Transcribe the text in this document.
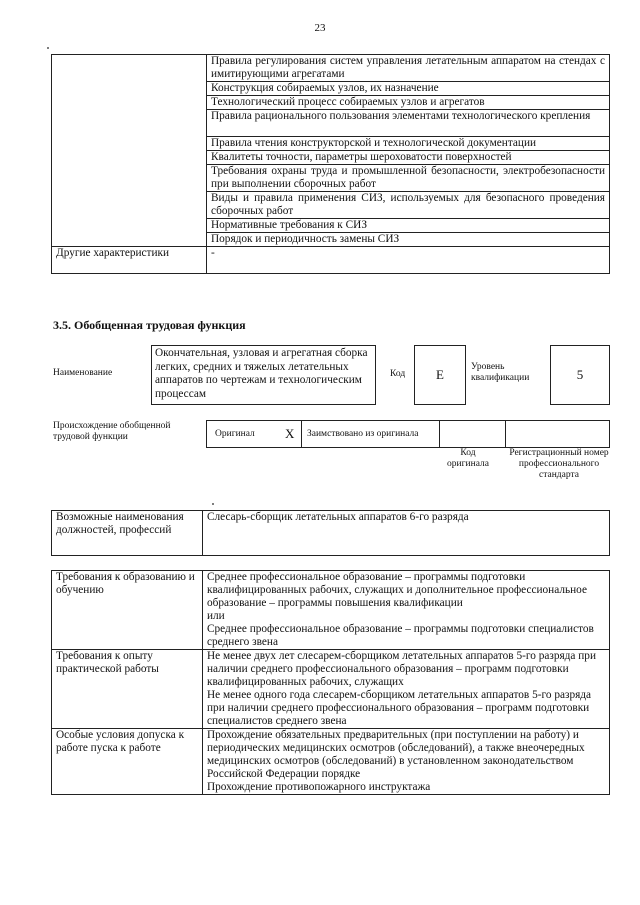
23
	Правила регулирования систем управления летательным аппаратом на стендах с имитирующими агрегатами
	Конструкция собираемых узлов, их назначение
	Технологический процесс собираемых узлов и агрегатов
	Правила рационального пользования элементами технологического крепления
	Правила чтения конструкторской и технологической документации
	Квалитеты точности, параметры шероховатости поверхностей
	Требования охраны труда и промышленной безопасности, электробезопасности при выполнении сборочных работ
	Виды и правила применения СИЗ, используемых для безопасного проведения сборочных работ
	Нормативные требования к СИЗ
	Порядок и периодичность замены СИЗ
Другие характеристики	-
3.5. Обобщенная трудовая функция
Наименование
Окончательная, узловая и агрегатная сборка легких, средних и тяжелых летательных аппаратов по чертежам и технологическим процессам
Код	E	Уровень квалификации	5
Происхождение обобщенной трудовой функции	Оригинал X Заимствовано из оригинала
Код оригинала
Регистрационный номер профессионального стандарта
Возможные наименования должностей, профессий	Слесарь-сборщик летательных аппаратов 6-го разряда
Требования к образованию и обучению	Среднее профессиональное образование – программы подготовки квалифицированных рабочих, служащих и дополнительное профессиональное образование – программы повышения квалификации
или
Среднее профессиональное образование – программы подготовки специалистов среднего звена

Требования к опыту практической работы	Не менее двух лет слесарем-сборщиком летательных аппаратов 5-го разряда при наличии среднего профессионального образования – программ подготовки квалифицированных рабочих, служащих
Не менее одного года слесарем-сборщиком летательных аппаратов 5-го разряда при наличии среднего профессионального образования – программ подготовки специалистов среднего звена

Особые условия допуска к работе пуска к работе	Прохождение обязательных предварительных (при поступлении на работу) и периодических медицинских осмотров (обследований), а также внеочередных медицинских осмотров (обследований) в установленном законодательством Российской Федерации порядке
Прохождение противопожарного инструктажа
